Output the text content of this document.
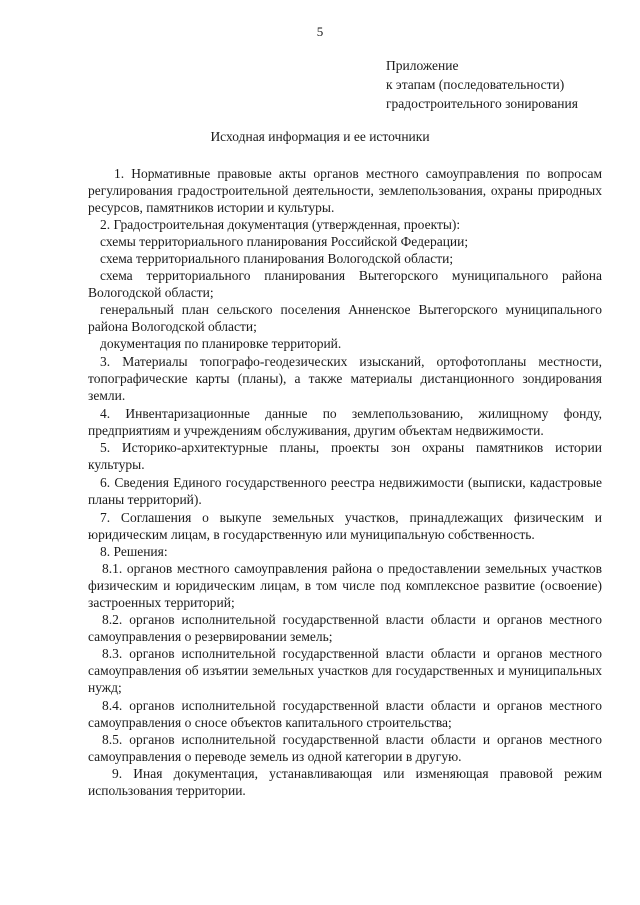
5
Приложение
к этапам (последовательности)
градостроительного зонирования
Исходная информация и ее источники

1. Нормативные правовые акты органов местного самоуправления по вопросам регулирования градостроительной деятельности, землепользования, охраны природных ресурсов, памятников истории и культуры.

2. Градостроительная документация (утвержденная, проекты):

схемы территориального планирования Российской Федерации;

схема территориального планирования Вологодской области;

схема территориального планирования Вытегорского муниципального района Вологодской области;

генеральный план сельского поселения Анненское Вытегорского муниципального района Вологодской области;

документация по планировке территорий.

3. Материалы топографо-геодезических изысканий, ортофотопланы местности, топографические карты (планы), а также материалы дистанционного зондирования земли.

4. Инвентаризационные данные по землепользованию, жилищному фонду, предприятиям и учреждениям обслуживания, другим объектам недвижимости.

5. Историко-архитектурные планы, проекты зон охраны памятников истории культуры.

6. Сведения Единого государственного реестра недвижимости (выписки, кадастровые планы территорий).

7. Соглашения о выкупе земельных участков, принадлежащих физическим и юридическим лицам, в государственную или муниципальную собственность.

8. Решения:

8.1. органов местного самоуправления района о предоставлении земельных участков физическим и юридическим лицам, в том числе под комплексное развитие (освоение) застроенных территорий;

8.2. органов исполнительной государственной власти области и органов местного самоуправления о резервировании земель;

8.3. органов исполнительной государственной власти области и органов местного самоуправления об изъятии земельных участков для государственных и муниципальных нужд;

8.4. органов исполнительной государственной власти области и органов местного самоуправления о сносе объектов капитального строительства;

8.5. органов исполнительной государственной власти области и органов местного самоуправления о переводе земель из одной категории в другую.

9. Иная документация, устанавливающая или изменяющая правовой режим использования территории.
